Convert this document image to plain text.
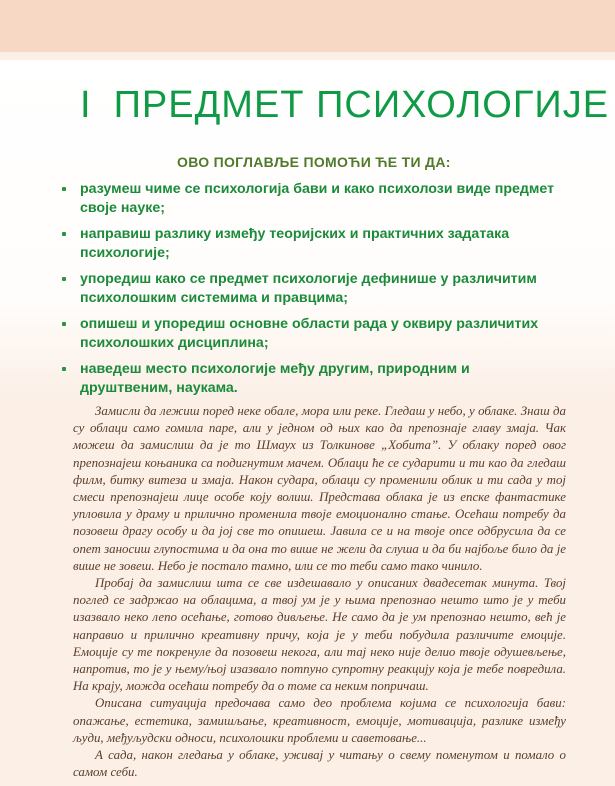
I ПРЕДМЕТ ПСИХОЛОГИЈЕ
ОВО ПОГЛАВЉЕ ПОМОЋИ ЋЕ ТИ ДА:
разумеш чиме се психологија бави и како психолози виде предмет своје науке;
направиш разлику између теоријских и практичних задатака психологије;
упоредиш како се предмет психологије дефинише у различитим психолошким системима и правцима;
опишеш и упоредиш основне области рада у оквиру различитих психолошких дисциплина;
наведеш место психологије међу другим, природним и друштвеним, наукама.

Замисли да лежиш поред неке обале, мора или реке. Гледаш у небо, у облаке. Знаш да су облаци само гомила паре, али у једном од њих као да препознаје главу змаја. Чак можеш да замислиш да је то Шмаух из Толкинове „Хобита”. У облаку поред овог препознајеш коњаника са подигнутим мачем. Облаци ће се сударити и ти као да гледаш филм, битку витеза и змаја. Након судара, облаци су променили облик и ти сада у тој смеси препознајеш лице особе коју волиш. Представа облака је из епске фантастике упловила у драму и прилично променила твоје емоционално стање. Осећаш потребу да позовеш драгу особу и да јој све то опишеш. Јавила се и на твоје опсе одбрусила да се опет заносиш глупостима и да она то више не жели да слуша и да би најбоље било да је више не зовеш. Небо је постало тамно, или се то теби само тако чинило.

Пробај да замислиш шта се све издешавало у описаних двадесетак минута. Твој поглед се задржао на облацима, а твој ум је у њима препознао нешто што је у теби изазвало неко лепо осећање, готово дивљење. Не само да је ум препознао нешто, већ је направио и прилично креативну причу, која је у теби побудила различите емоције. Емоције су те покренуле да позовеш некога, али тај неко није делио твоје одушевљење, напротив, то је у њему/њој изазвало потпуно супротну реакцију која је тебе повредила. На крају, можда осећаш потребу да о томе са неким попричаш.

Описана ситуација предочава само део проблема којима се психологија бави: опажање, естетика, замишљање, креативност, емоције, мотивација, разлике између људи, међуљудски односи, психолошки проблеми и саветовање...

А сада, након гледања у облаке, уживај у читању о свему поменутом и помало о самом себи.
